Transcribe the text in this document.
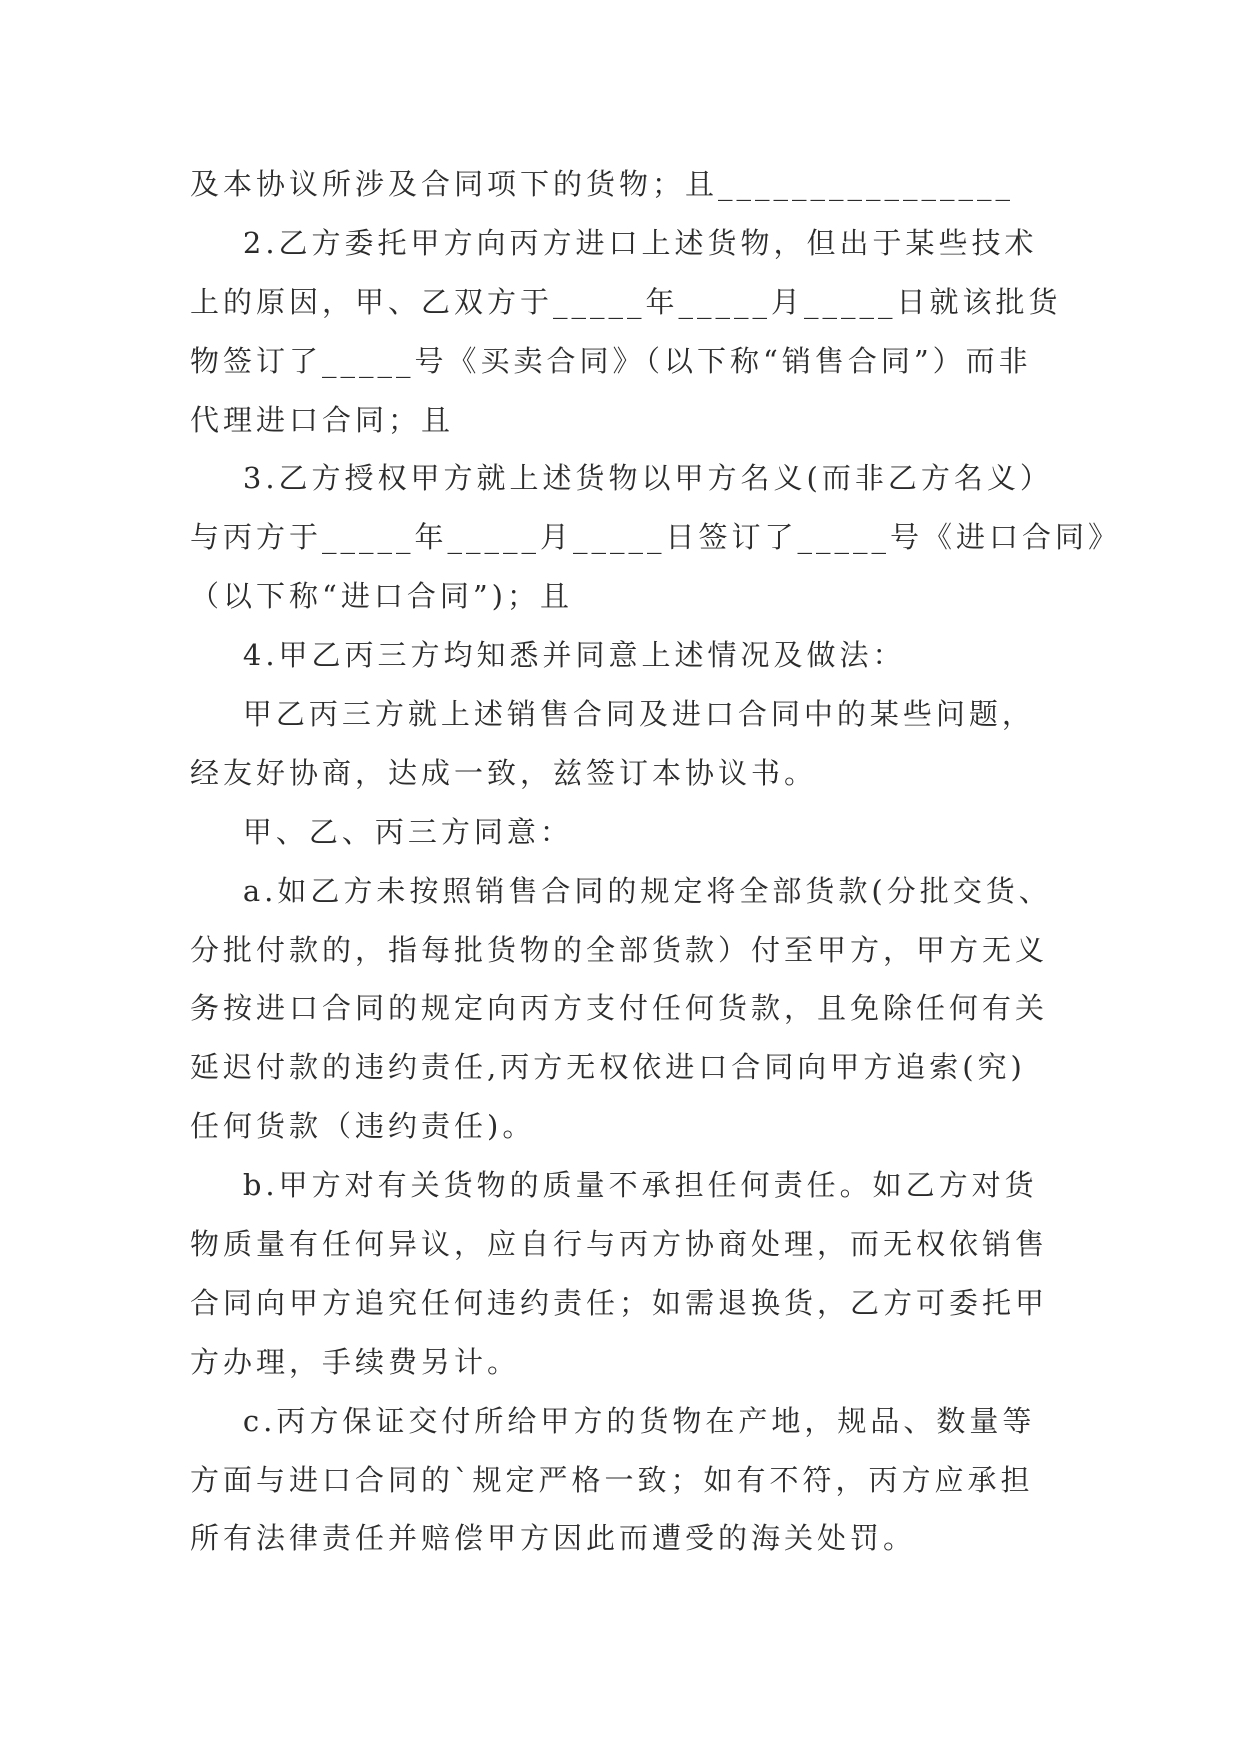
及本协议所涉及合同项下的货物；且________________
2.乙方委托甲方向丙方进口上述货物，但出于某些技术
上的原因，甲、乙双方于_____年_____月_____日就该批货
物签订了_____号《买卖合同》（以下称“销售合同”）而非
代理进口合同；且
3.乙方授权甲方就上述货物以甲方名义(而非乙方名义）
与丙方于_____年_____月_____日签订了_____号《进口合同》
（以下称“进口合同”)；且
4.甲乙丙三方均知悉并同意上述情况及做法：
甲乙丙三方就上述销售合同及进口合同中的某些问题，
经友好协商，达成一致，兹签订本协议书。
甲、乙、丙三方同意：
a.如乙方未按照销售合同的规定将全部货款(分批交货、
分批付款的，指每批货物的全部货款）付至甲方，甲方无义
务按进口合同的规定向丙方支付任何货款，且免除任何有关
延迟付款的违约责任,丙方无权依进口合同向甲方追索(究)
任何货款（违约责任)。
b.甲方对有关货物的质量不承担任何责任。如乙方对货
物质量有任何异议，应自行与丙方协商处理，而无权依销售
合同向甲方追究任何违约责任；如需退换货，乙方可委托甲
方办理，手续费另计。
c.丙方保证交付所给甲方的货物在产地，规品、数量等
方面与进口合同的`规定严格一致；如有不符，丙方应承担
所有法律责任并赔偿甲方因此而遭受的海关处罚。
